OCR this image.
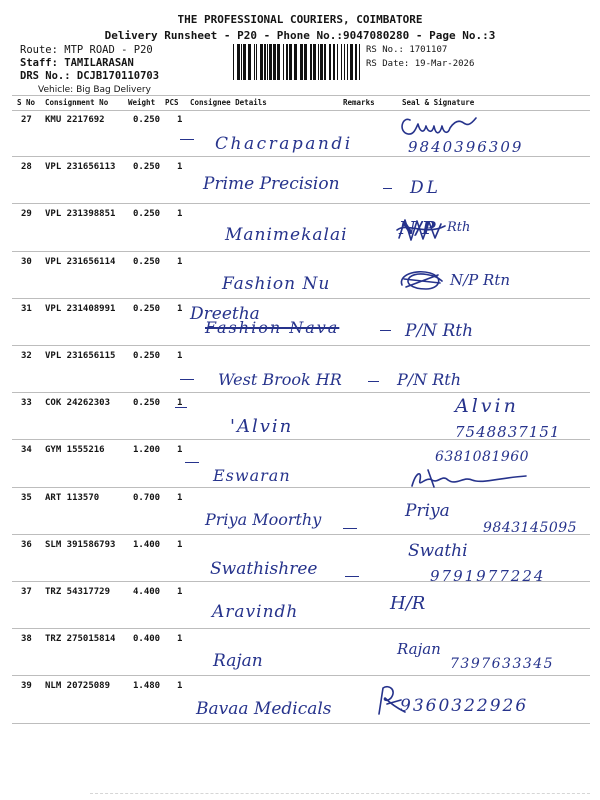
THE PROFESSIONAL COURIERS, COIMBATORE
Delivery Runsheet - P20 - Phone No.:9047080280 - Page No.:3
Route: MTP ROAD - P20
Staff: TAMILARASAN
DRS No.: DCJB170110703
Vehicle: Big Bag Delivery
RS No.: 1701107
RS Date: 19-Mar-2026
S No Consignment No	Weight PCS Consignee Details	Remarks	Seal & Signature
27 KMU 2217692	0.250 1
Chacrapandi	9840396309
28 VPL 231656113 0.250 1
Prime Precision	DL
29 VPL 231398851 0.250 1
Manimekalai	N/P Rth
30 VPL 231656114 0.250 1
Fashion Nu	N/P Rtn
31 VPL 231408991 0.250 1 Dreetha
Fashion Nava	P/N Rth
32 VPL 231656115 0.250 1
West Brook HR	P/N Rth
33 COK 24262303	0.250 1
'Alvin
Alvin
7548837151
34 GYM 1555216	1.200 1
Eswaran
6381081960
35 ART 113570	0.700 1
Priya Moorthy	Priya
9843145095
36 SLM 391586793 1.400 1
Swathishree
Swathi
9791977224
37 TRZ 54317729	4.400 1
Aravindh	H/R
38 TRZ 275015814 0.400 1
Rajan
Rajan
7397633345
39 NLM 20725089	1.480 1
Bavaa Medicals	9360322926
